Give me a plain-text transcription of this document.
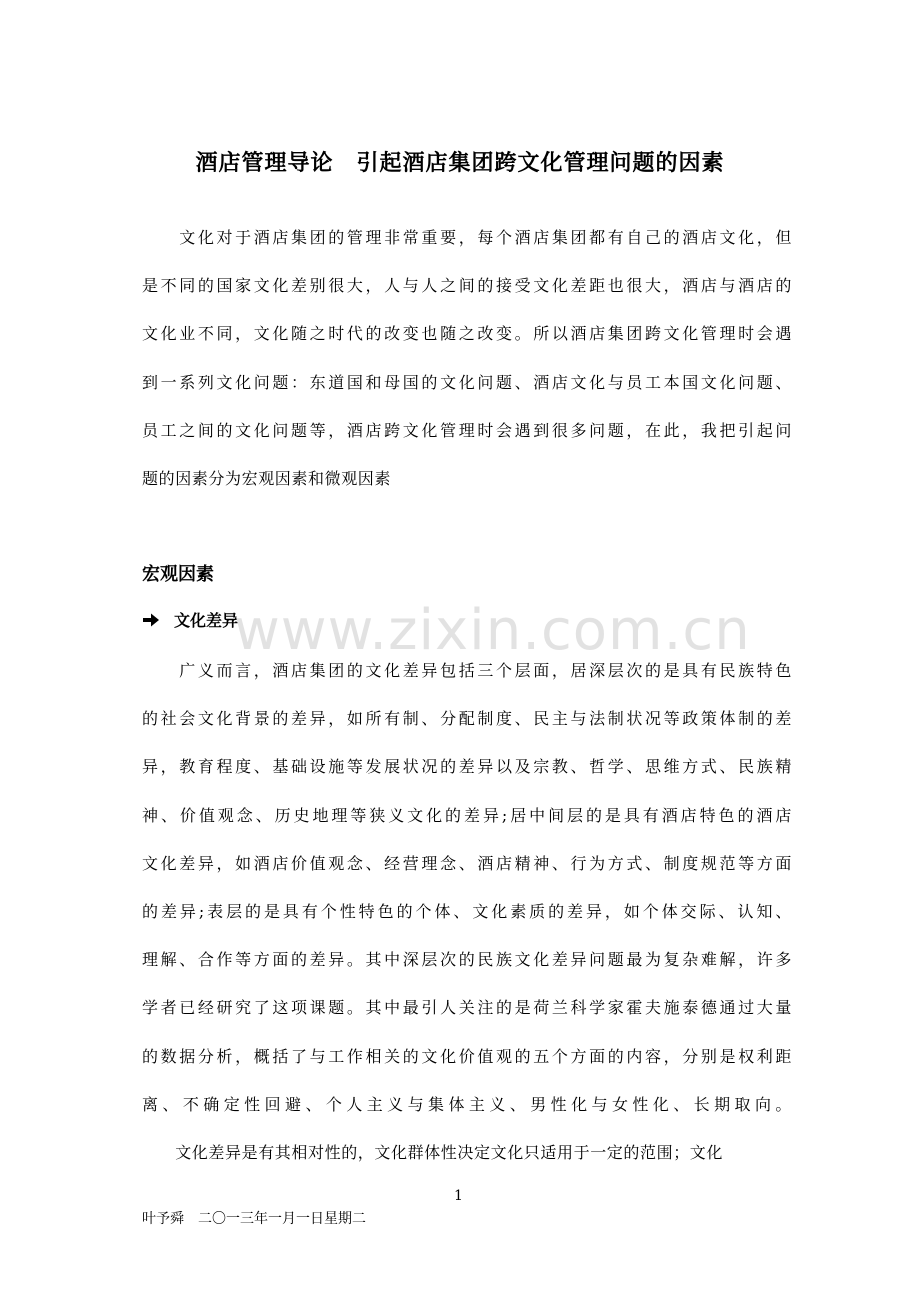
酒店管理导论　引起酒店集团跨文化管理问题的因素
　　文化对于酒店集团的管理非常重要，每个酒店集团都有自己的酒店文化，但
是不同的国家文化差别很大，人与人之间的接受文化差距也很大，酒店与酒店的
文化业不同，文化随之时代的改变也随之改变。所以酒店集团跨文化管理时会遇
到一系列文化问题：东道国和母国的文化问题、酒店文化与员工本国文化问题、
员工之间的文化问题等，酒店跨文化管理时会遇到很多问题，在此，我把引起问
题的因素分为宏观因素和微观因素
宏观因素
文化差异
www.zixin.com.cn
　　广义而言，酒店集团的文化差异包括三个层面，居深层次的是具有民族特色
的社会文化背景的差异，如所有制、分配制度、民主与法制状况等政策体制的差
异，教育程度、基础设施等发展状况的差异以及宗教、哲学、思维方式、民族精
神、价值观念、历史地理等狭义文化的差异;居中间层的是具有酒店特色的酒店
文化差异，如酒店价值观念、经营理念、酒店精神、行为方式、制度规范等方面
的差异;表层的是具有个性特色的个体、文化素质的差异，如个体交际、认知、
理解、合作等方面的差异。其中深层次的民族文化差异问题最为复杂难解，许多
学者已经研究了这项课题。其中最引人关注的是荷兰科学家霍夫施泰德通过大量
的数据分析，概括了与工作相关的文化价值观的五个方面的内容，分别是权利距
离、不确定性回避、个人主义与集体主义、男性化与女性化、长期取向。
　　文化差异是有其相对性的，文化群体性决定文化只适用于一定的范围；文化
1
叶予舜　二〇一三年一月一日星期二
